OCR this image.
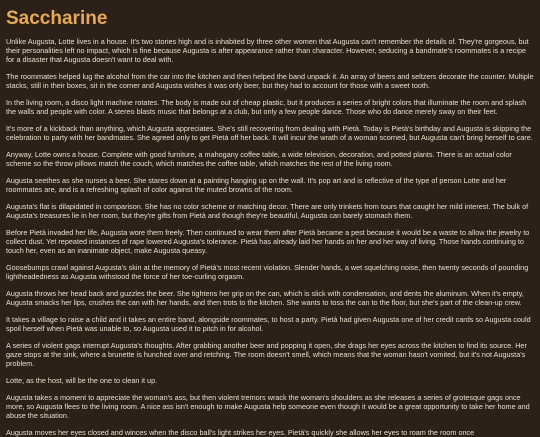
Saccharine

Unlike Augusta, Lotte lives in a house. It's two stories high and is inhabited by three other women that Augusta can't remember the details of. They're gorgeous, but their personalities left no impact, which is fine because Augusta is after appearance rather than character. However, seducing a bandmate's roommates is a recipe for a disaster that Augusta doesn't want to deal with.

The roommates helped lug the alcohol from the car into the kitchen and then helped the band unpack it. An array of beers and seltzers decorate the counter. Multiple stacks, still in their boxes, sit in the corner and Augusta wishes it was only beer, but they had to account for those with a sweet tooth.

In the living room, a disco light machine rotates. The body is made out of cheap plastic, but it produces a series of bright colors that illuminate the room and splash the walls and people with color. A stereo blasts music that belongs at a club, but only a few people dance. Those who do dance merely sway on their feet.

It's more of a kickback than anything, which Augusta appreciates. She's still recovering from dealing with Pietà. Today is Pietà's birthday and Augusta is skipping the celebration to party with her bandmates. She agreed only to get Pietà off her back. It will incur the wrath of a woman scorned, but Augusta can't bring herself to care.

Anyway, Lotte owns a house. Complete with good furniture, a mahogany coffee table, a wide television, decoration, and potted plants. There is an actual color scheme so the throw pillows match the couch, which matches the coffee table, which matches the rest of the living room.

Augusta seethes as she nurses a beer. She stares down at a painting hanging up on the wall. It's pop art and is reflective of the type of person Lotte and her roommates are, and is a refreshing splash of color against the muted browns of the room.

Augusta's flat is dilapidated in comparison. She has no color scheme or matching decor. There are only trinkets from tours that caught her mild interest. The bulk of Augusta's treasures lie in her room, but they're gifts from Pietà and though they're beautiful, Augusta can barely stomach them.

Before Pietà invaded her life, Augusta wore them freely. Then continued to wear them after Pietà became a pest because it would be a waste to allow the jewelry to collect dust. Yet repeated instances of rape lowered Augusta's tolerance. Pietà has already laid her hands on her and her way of living. Those hands continuing to touch her, even as an inanimate object, make Augusta queasy.

Goosebumps crawl against Augusta's skin at the memory of Pietà's most recent violation. Slender hands, a wet squelching noise, then twenty seconds of pounding lightheadedness as Augusta withstood the force of her toe-curling orgasm.

Augusta throws her head back and guzzles the beer. She tightens her grip on the can, which is slick with condensation, and dents the aluminum. When it's empty, Augusta smacks her lips, crushes the can with her hands, and then trots to the kitchen. She wants to toss the can to the floor, but she's part of the clean-up crew.

It takes a village to raise a child and it takes an entire band, alongside roommates, to host a party. Pietà had given Augusta one of her credit cards so Augusta could spoil herself when Pietà was unable to, so Augusta used it to pitch in for alcohol.

A series of violent gags interrupt Augusta's thoughts. After grabbing another beer and popping it open, she drags her eyes across the kitchen to find its source. Her gaze stops at the sink, where a brunette is hunched over and retching. The room doesn't smell, which means that the woman hasn't vomited, but it's not Augusta's problem.

Lotte, as the host, will be the one to clean it up.

Augusta takes a moment to appreciate the woman's ass, but then violent tremors wrack the woman's shoulders as she releases a series of grotesque gags once more, so Augusta flees to the living room. A nice ass isn't enough to make Augusta help someone even though it would be a great opportunity to take her home and abuse the situation.

Augusta moves her eyes closed and winces when the disco ball's light strikes her eyes. Pietà's quickly she allows her eyes to roam the room once
